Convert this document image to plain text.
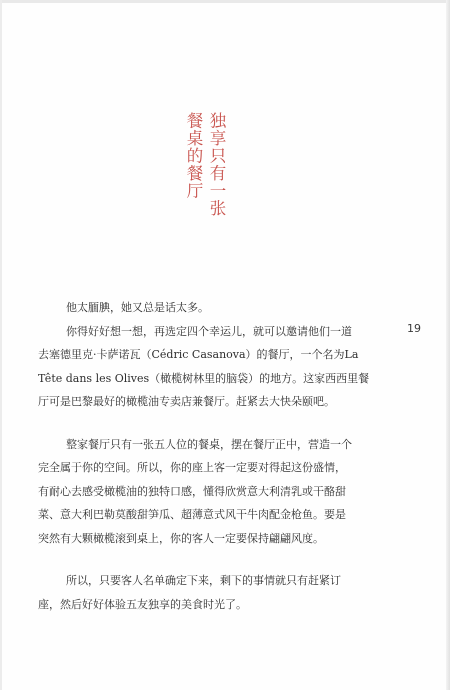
独享只有一张
餐桌的餐厅
19

他太腼腆，她又总是话太多。

你得好好想一想，再选定四个幸运儿，就可以邀请他们一道
去塞德里克·卡萨诺瓦（Cédric Casanova）的餐厅，一个名为La
Tête dans les Olives（橄榄树林里的脑袋）的地方。这家西西里餐
厅可是巴黎最好的橄榄油专卖店兼餐厅。赶紧去大快朵颐吧。

整家餐厅只有一张五人位的餐桌，摆在餐厅正中，营造一个
完全属于你的空间。所以，你的座上客一定要对得起这份盛情，
有耐心去感受橄榄油的独特口感，懂得欣赏意大利清乳或干酪甜
菜、意大利巴勒莫酸甜笋瓜、超薄意式风干牛肉配金枪鱼。要是
突然有大颗橄榄滚到桌上，你的客人一定要保持翩翩风度。

所以，只要客人名单确定下来，剩下的事情就只有赶紧订
座，然后好好体验五友独享的美食时光了。
